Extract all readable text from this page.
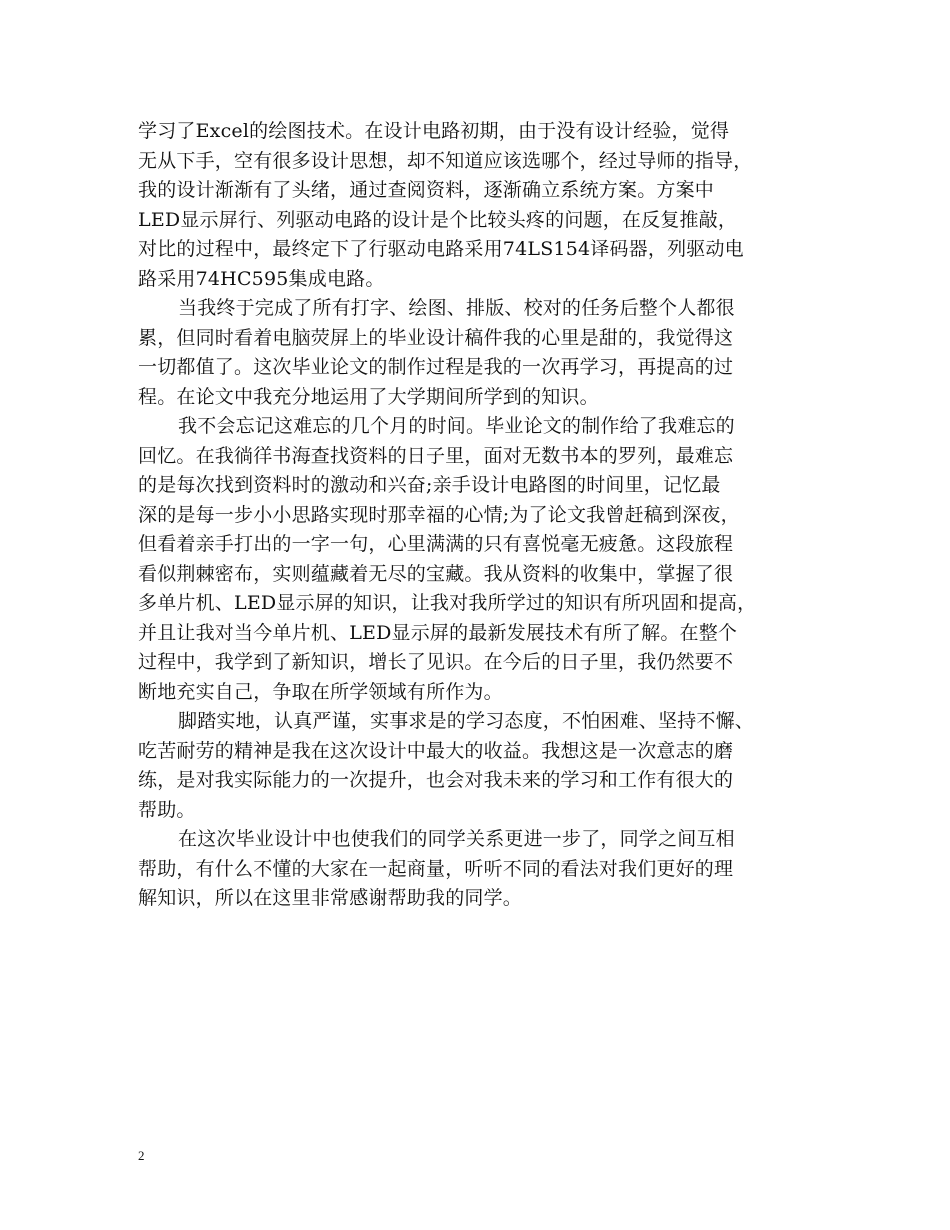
学习了Excel的绘图技术。在设计电路初期，由于没有设计经验，觉得
无从下手，空有很多设计思想，却不知道应该选哪个，经过导师的指导，
我的设计渐渐有了头绪，通过查阅资料，逐渐确立系统方案。方案中
LED显示屏行、列驱动电路的设计是个比较头疼的问题，在反复推敲，
对比的过程中，最终定下了行驱动电路采用74LS154译码器，列驱动电
路采用74HC595集成电路。
当我终于完成了所有打字、绘图、排版、校对的任务后整个人都很
累，但同时看着电脑荧屏上的毕业设计稿件我的心里是甜的，我觉得这
一切都值了。这次毕业论文的制作过程是我的一次再学习，再提高的过
程。在论文中我充分地运用了大学期间所学到的知识。
我不会忘记这难忘的几个月的时间。毕业论文的制作给了我难忘的
回忆。在我徜徉书海查找资料的日子里，面对无数书本的罗列，最难忘
的是每次找到资料时的激动和兴奋;亲手设计电路图的时间里，记忆最
深的是每一步小小思路实现时那幸福的心情;为了论文我曾赶稿到深夜，
但看着亲手打出的一字一句，心里满满的只有喜悦毫无疲惫。这段旅程
看似荆棘密布，实则蕴藏着无尽的宝藏。我从资料的收集中，掌握了很
多单片机、LED显示屏的知识，让我对我所学过的知识有所巩固和提高，
并且让我对当今单片机、LED显示屏的最新发展技术有所了解。在整个
过程中，我学到了新知识，增长了见识。在今后的日子里，我仍然要不
断地充实自己，争取在所学领域有所作为。
脚踏实地，认真严谨，实事求是的学习态度，不怕困难、坚持不懈、
吃苦耐劳的精神是我在这次设计中最大的收益。我想这是一次意志的磨
练，是对我实际能力的一次提升，也会对我未来的学习和工作有很大的
帮助。
在这次毕业设计中也使我们的同学关系更进一步了，同学之间互相
帮助，有什么不懂的大家在一起商量，听听不同的看法对我们更好的理
解知识，所以在这里非常感谢帮助我的同学。
2
